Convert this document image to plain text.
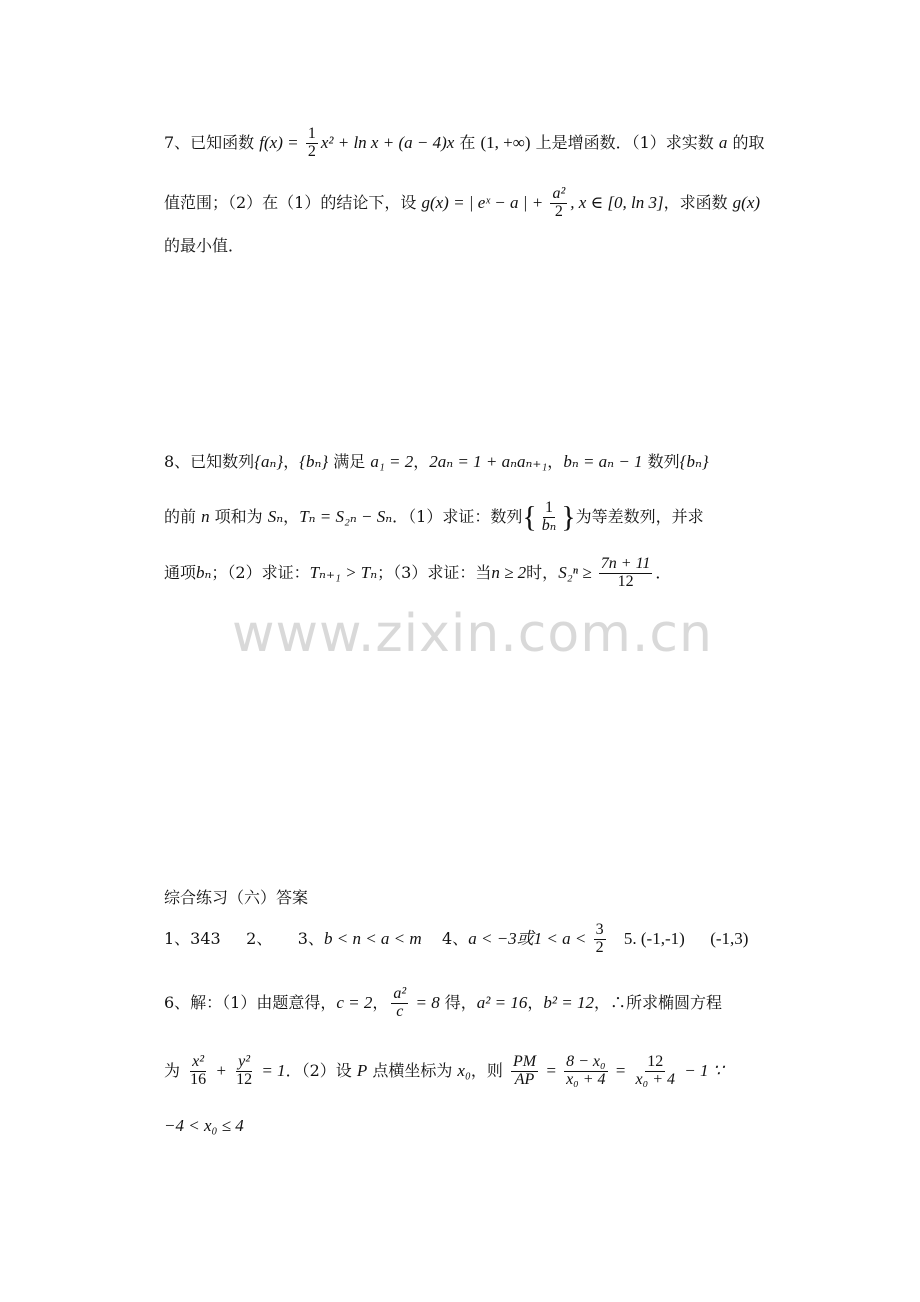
www.zixin.com.cn
7、已知函数 $f(x) = \frac{1}{2} x^2 + \ln x + (a - 4)x$ 在 (1, +∞) 上是增函数．（1）求实数 a 的取
值范围；（2）在（1）的结论下，设 g(x) = | eˣ − a | + $\frac{\text{a²}}{2}$ , x ∈ [0, ln 3]，求函数 g(x)
的最小值．
8、已知数列{aₙ}，{bₙ} 满足 a₁ = 2，2aₙ = 1 + aₙaₙ₊₁，bₙ = aₙ − 1 数列{bₙ}
的前 n 项和为 Sₙ，Tₙ = S₂ₙ − Sₙ．（1）求证：数列{ $\frac{1}{\text{bₙ}}$ }为等差数列，并求
通项bₙ；（2）求证：Tₙ₊₁ > Tₙ；（3）求证：当n ≥ 2时，$S_2^n \ge \frac{7n + 11}{12}$ ．
综合练习（六）答案
1、343 2、 3、b < n < a < m 4、a < −3或$1 < a < \frac{3}{2} 5$. (-1,-1) (-1,3)
6、解：（1）由题意得，c = 2， $\frac{\text{a²}}{c} = 8$ 得，a² = 16，b² = 12，∴所求椭圆方程
为 $\frac{\text{x²}}{16} + \frac{\text{y²}}{12} = 1$．（2）设 P 点横坐标为 x₀，则 $\frac{PM}{AP} = \frac{\text{8 − x₀}}{\text{x₀ + 4}} = \frac{12}{\text{x₀ + 4}} - 1$ ∵
−4 < x₀ ≤ 4
